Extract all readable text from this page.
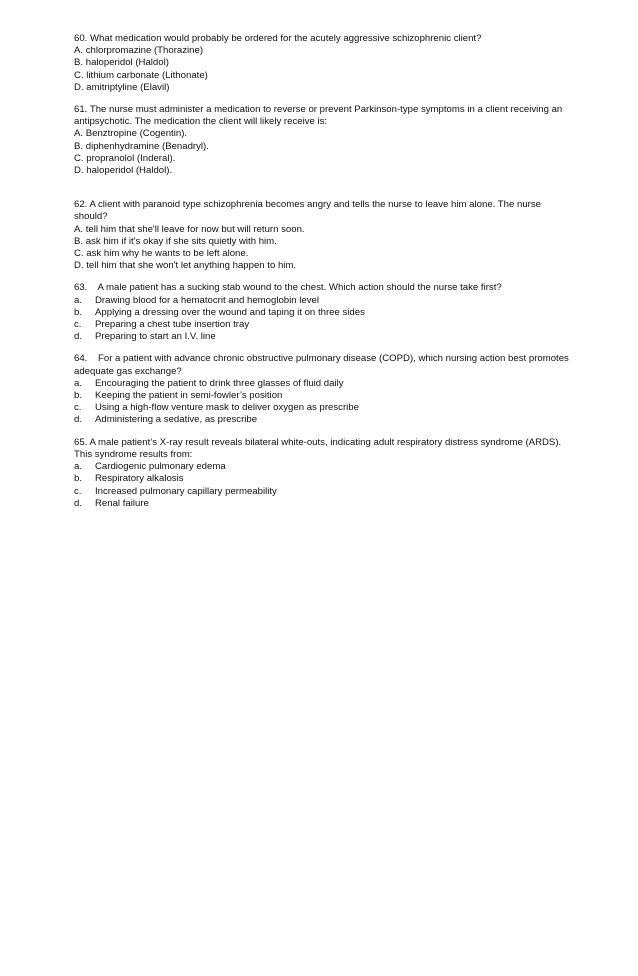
60. What medication would probably be ordered for the acutely aggressive schizophrenic client?
A. chlorpromazine (Thorazine)
B. haloperidol (Haldol)
C. lithium carbonate (Lithonate)
D. amitriptyline (Elavil)
61. The nurse must administer a medication to reverse or prevent Parkinson-type symptoms in a client receiving an antipsychotic. The medication the client will likely receive is:
A. Benztropine (Cogentin).
B. diphenhydramine (Benadryl).
C. propranolol (Inderal).
D. haloperidol (Haldol).
62. A client with paranoid type schizophrenia becomes angry and tells the nurse to leave him alone. The nurse should?
A. tell him that she'll leave for now but will return soon.
B. ask him if it's okay if she sits quietly with him.
C. ask him why he wants to be left alone.
D. tell him that she won't let anything happen to him.
63.    A male patient has a sucking stab wound to the chest. Which action should the nurse take first?
a. Drawing blood for a hematocrit and hemoglobin level
b. Applying a dressing over the wound and taping it on three sides
c. Preparing a chest tube insertion tray
d. Preparing to start an I.V. line
64.    For a patient with advance chronic obstructive pulmonary disease (COPD), which nursing action best promotes adequate gas exchange?
a. Encouraging the patient to drink three glasses of fluid daily
b. Keeping the patient in semi-fowler’s position
c. Using a high-flow venture mask to deliver oxygen as prescribe
d. Administering a sedative, as prescribe
65. A male patient’s X-ray result reveals bilateral white-outs, indicating adult respiratory distress syndrome (ARDS). This syndrome results from:
a. Cardiogenic pulmonary edema
b. Respiratory alkalosis
c. Increased pulmonary capillary permeability
d. Renal failure
